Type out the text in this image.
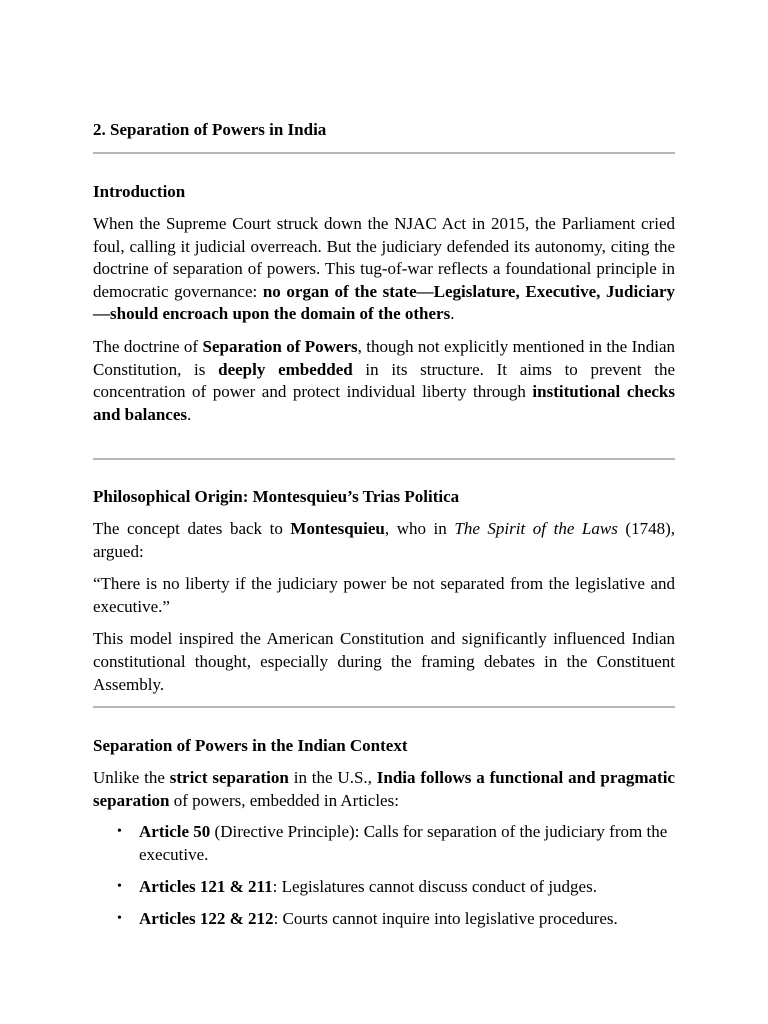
2. Separation of Powers in India
Introduction

When the Supreme Court struck down the NJAC Act in 2015, the Parliament cried foul, calling it judicial overreach. But the judiciary defended its autonomy, citing the doctrine of separation of powers. This tug-of-war reflects a foundational principle in democratic governance: no organ of the state—Legislature, Executive, Judiciary—should encroach upon the domain of the others.

The doctrine of Separation of Powers, though not explicitly mentioned in the Indian Constitution, is deeply embedded in its structure. It aims to prevent the concentration of power and protect individual liberty through institutional checks and balances.

Philosophical Origin: Montesquieu’s Trias Politica

The concept dates back to Montesquieu, who in The Spirit of the Laws (1748), argued:

“There is no liberty if the judiciary power be not separated from the legislative and executive.”

This model inspired the American Constitution and significantly influenced Indian constitutional thought, especially during the framing debates in the Constituent Assembly.

Separation of Powers in the Indian Context

Unlike the strict separation in the U.S., India follows a functional and pragmatic separation of powers, embedded in Articles:

• Article 50 (Directive Principle): Calls for separation of the judiciary from the executive.
• Articles 121 & 211: Legislatures cannot discuss conduct of judges.
• Articles 122 & 212: Courts cannot inquire into legislative procedures.
